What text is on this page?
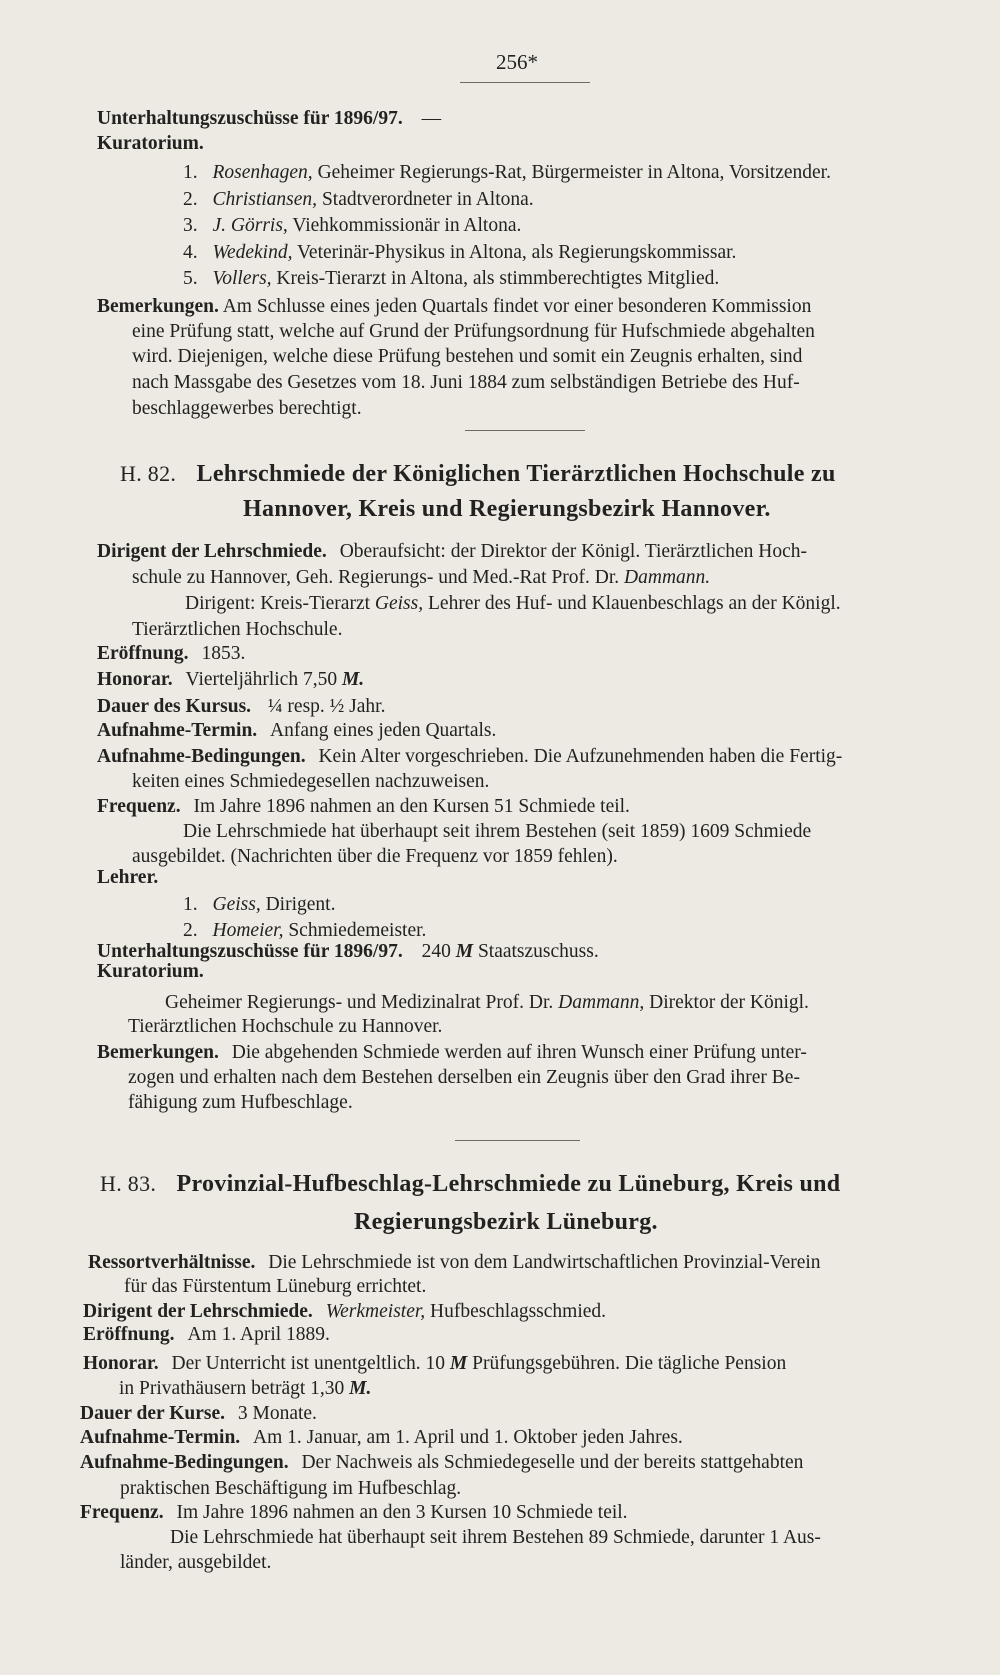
256*
Unterhaltungszuschüsse für 1896/97. —
Kuratorium.
1. Rosenhagen, Geheimer Regierungs-Rat, Bürgermeister in Altona, Vorsitzender.
2. Christiansen, Stadtverordneter in Altona.
3. J. Görris, Viehkommissionär in Altona.
4. Wedekind, Veterinär-Physikus in Altona, als Regierungskommissar.
5. Vollers, Kreis-Tierarzt in Altona, als stimmberechtigtes Mitglied.
Bemerkungen. Am Schlusse eines jeden Quartals findet vor einer besonderen Kommission
eine Prüfung statt, welche auf Grund der Prüfungsordnung für Hufschmiede abgehalten
wird. Diejenigen, welche diese Prüfung bestehen und somit ein Zeugnis erhalten, sind
nach Massgabe des Gesetzes vom 18. Juni 1884 zum selbständigen Betriebe des Huf-
beschlaggewerbes berechtigt.
H. 82. Lehrschmiede der Königlichen Tierärztlichen Hochschule zu
Hannover, Kreis und Regierungsbezirk Hannover.
Dirigent der Lehrschmiede. Oberaufsicht: der Direktor der Königl. Tierärztlichen Hoch-
schule zu Hannover, Geh. Regierungs- und Med.-Rat Prof. Dr. Dammann.
Dirigent: Kreis-Tierarzt Geiss, Lehrer des Huf- und Klauenbeschlags an der Königl.
Tierärztlichen Hochschule.
Eröffnung. 1853.
Honorar. Vierteljährlich 7,50 M.
Dauer des Kursus. ¼ resp. ½ Jahr.
Aufnahme-Termin. Anfang eines jeden Quartals.
Aufnahme-Bedingungen. Kein Alter vorgeschrieben. Die Aufzunehmenden haben die Fertig-
keiten eines Schmiedegesellen nachzuweisen.
Frequenz. Im Jahre 1896 nahmen an den Kursen 51 Schmiede teil.
Die Lehrschmiede hat überhaupt seit ihrem Bestehen (seit 1859) 1609 Schmiede
ausgebildet. (Nachrichten über die Frequenz vor 1859 fehlen).
Lehrer.
1. Geiss, Dirigent.
2. Homeier, Schmiedemeister.
Unterhaltungszuschüsse für 1896/97. 240 M Staatszuschuss.
Kuratorium.
Geheimer Regierungs- und Medizinalrat Prof. Dr. Dammann, Direktor der Königl.
Tierärztlichen Hochschule zu Hannover.
Bemerkungen. Die abgehenden Schmiede werden auf ihren Wunsch einer Prüfung unter-
zogen und erhalten nach dem Bestehen derselben ein Zeugnis über den Grad ihrer Be-
fähigung zum Hufbeschlage.
H. 83. Provinzial-Hufbeschlag-Lehrschmiede zu Lüneburg, Kreis und
Regierungsbezirk Lüneburg.
Ressortverhältnisse. Die Lehrschmiede ist von dem Landwirtschaftlichen Provinzial-Verein
für das Fürstentum Lüneburg errichtet.
Dirigent der Lehrschmiede. Werkmeister, Hufbeschlagsschmied.
Eröffnung. Am 1. April 1889.
Honorar. Der Unterricht ist unentgeltlich. 10 M Prüfungsgebühren. Die tägliche Pension
in Privathäusern beträgt 1,30 M.
Dauer der Kurse. 3 Monate.
Aufnahme-Termin. Am 1. Januar, am 1. April und 1. Oktober jeden Jahres.
Aufnahme-Bedingungen. Der Nachweis als Schmiedegeselle und der bereits stattgehabten
praktischen Beschäftigung im Hufbeschlag.
Frequenz. Im Jahre 1896 nahmen an den 3 Kursen 10 Schmiede teil.
Die Lehrschmiede hat überhaupt seit ihrem Bestehen 89 Schmiede, darunter 1 Aus-
länder, ausgebildet.
